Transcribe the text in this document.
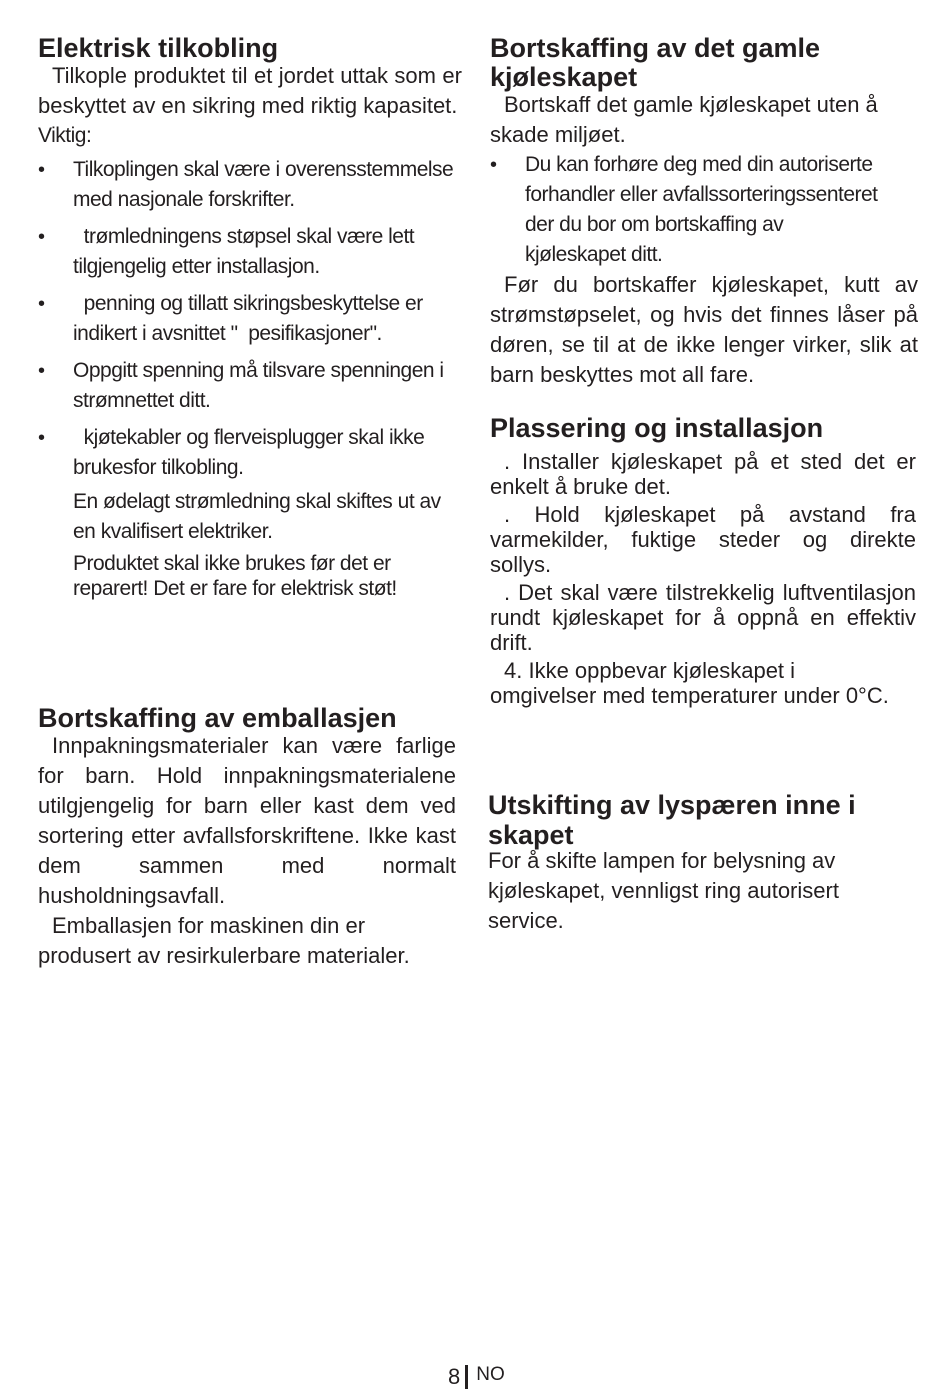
Elektrisk tilkobling

Tilkople produktet til et jordet uttak som er beskyttet av en sikring med riktig kapasitet.

Viktig:

• Tilkoplingen skal være i overensstemmelse med nasjonale forskrifter.
• trømledningens støpsel skal være lett tilgjengelig etter installasjon.
• penning og tillatt sikringsbeskyttelse er indikert i avsnittet "  pesifikasjoner".
• Oppgitt spenning må tilsvare spenningen i strømnettet ditt.
• kjøtekabler og flerveisplugger skal ikke brukesfor tilkobling.

En ødelagt strømledning skal skiftes ut av en kvalifisert elektriker.

Produktet skal ikke brukes før det er reparert! Det er fare for elektrisk støt!

Bortskaffing av emballasjen

Innpakningsmaterialer kan være farlige for barn. Hold innpakningsmaterialene utilgjengelig for barn eller kast dem ved sortering etter avfallsforskriftene. Ikke kast dem sammen med normalt husholdningsavfall.

Emballasjen for maskinen din er produsert av resirkulerbare materialer.

Bortskaffing av det gamle kjøleskapet

Bortskaff det gamle kjøleskapet uten å skade miljøet.

• Du kan forhøre deg med din autoriserte forhandler eller avfallssorteringssenteret der du bor om bortskaffing av kjøleskapet ditt.

Før du bortskaffer kjøleskapet, kutt av strømstøpselet, og hvis det finnes låser på døren, se til at de ikke lenger virker, slik at barn beskyttes mot all fare.

Plassering og installasjon

. Installer kjøleskapet på et sted det er enkelt å bruke det.

. Hold kjøleskapet på avstand fra varmekilder, fuktige steder og direkte sollys.

. Det skal være tilstrekkelig luftventilasjon rundt kjøleskapet for å oppnå en effektiv drift.

4. Ikke oppbevar kjøleskapet i omgivelser med temperaturer under 0°C.

Utskifting av lyspæren inne i skapet

For å skifte lampen for belysning av kjøleskapet, vennligst ring autorisert service.

8 NO
